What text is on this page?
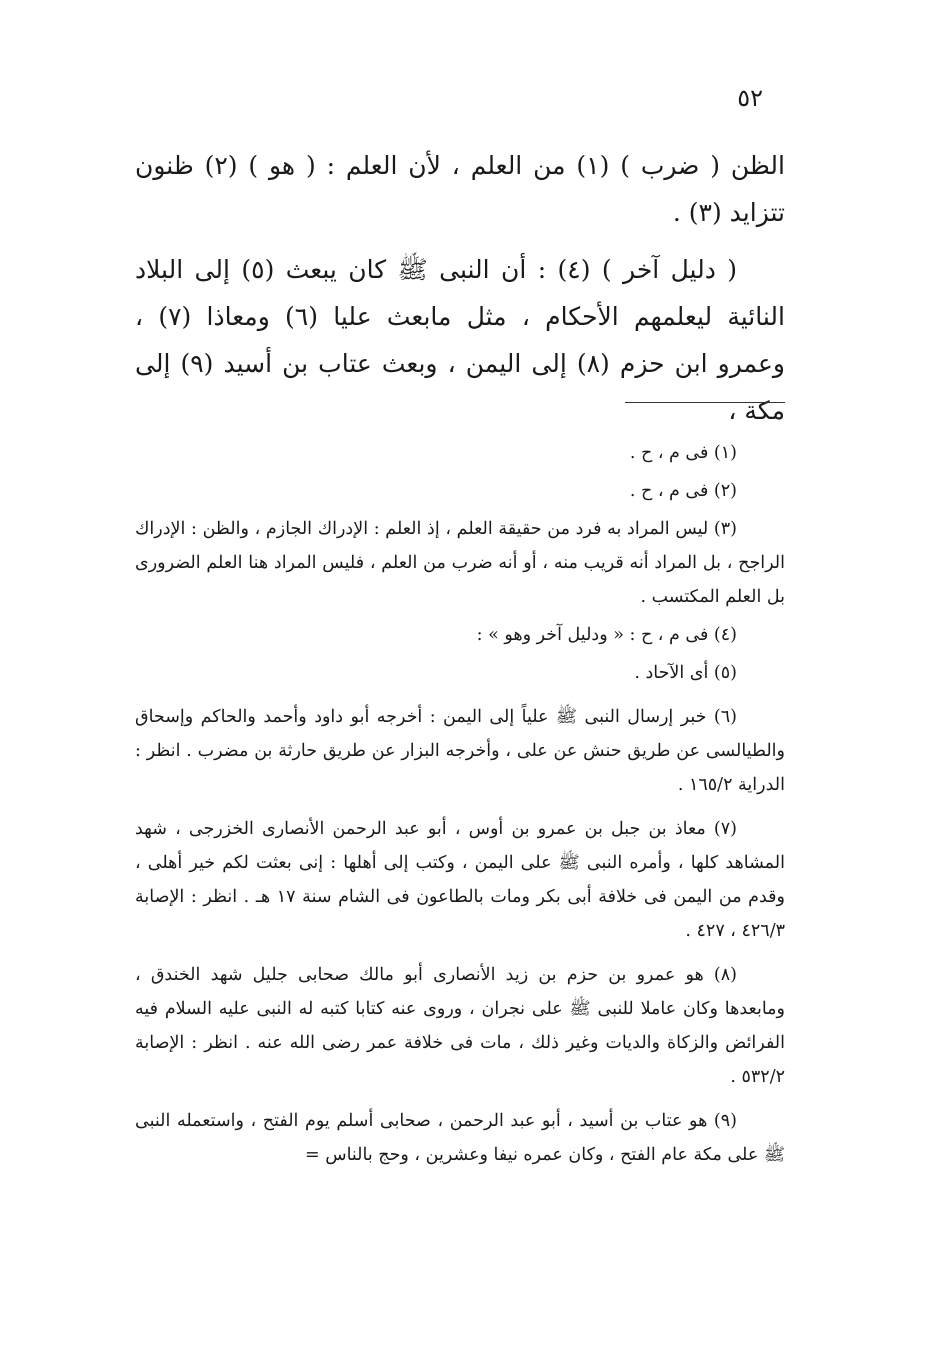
٥٢

الظن ( ضرب ) (١) من العلم ، لأن العلم : ( هو ) (٢) ظنون تتزايد (٣) .

( دليل آخر ) (٤) : أن النبى ﷺ كان يبعث (٥) إلى البلاد النائية ليعلمهم الأحكام ، مثل مابعث عليا (٦) ومعاذا (٧) ، وعمرو ابن حزم (٨) إلى اليمن ، وبعث عتاب بن أسيد (٩) إلى مكة ،

(١) فى م ، ح .

(٢) فى م ، ح .

(٣) ليس المراد به فرد من حقيقة العلم ، إذ العلم : الإدراك الجازم ، والظن : الإدراك الراجح ، بل المراد أنه قريب منه ، أو أنه ضرب من العلم ، فليس المراد هنا العلم الضرورى بل العلم المكتسب .

(٤) فى م ، ح : « ودليل آخر وهو » :

(٥) أى الآحاد .

(٦) خبر إرسال النبى ﷺ علياً إلى اليمن : أخرجه أبو داود وأحمد والحاكم وإسحاق والطيالسى عن طريق حنش عن على ، وأخرجه البزار عن طريق حارثة بن مضرب . انظر : الدراية ١٦٥/٢ .

(٧) معاذ بن جبل بن عمرو بن أوس ، أبو عبد الرحمن الأنصارى الخزرجى ، شهد المشاهد كلها ، وأمره النبى ﷺ على اليمن ، وكتب إلى أهلها : إنى بعثت لكم خير أهلى ، وقدم من اليمن فى خلافة أبى بكر ومات بالطاعون فى الشام سنة ١٧ هـ . انظر : الإصابة ٤٢٦/٣ ، ٤٢٧ .

(٨) هو عمرو بن حزم بن زيد الأنصارى أبو مالك صحابى جليل شهد الخندق ، ومابعدها وكان عاملا للنبى ﷺ على نجران ، وروى عنه كتابا كتبه له النبى عليه السلام فيه الفرائض والزكاة والديات وغير ذلك ، مات فى خلافة عمر رضى الله عنه . انظر : الإصابة ٥٣٢/٢ .

(٩) هو عتاب بن أسيد ، أبو عبد الرحمن ، صحابى أسلم يوم الفتح ، واستعمله النبى ﷺ على مكة عام الفتح ، وكان عمره نيفا وعشرين ، وحج بالناس =
